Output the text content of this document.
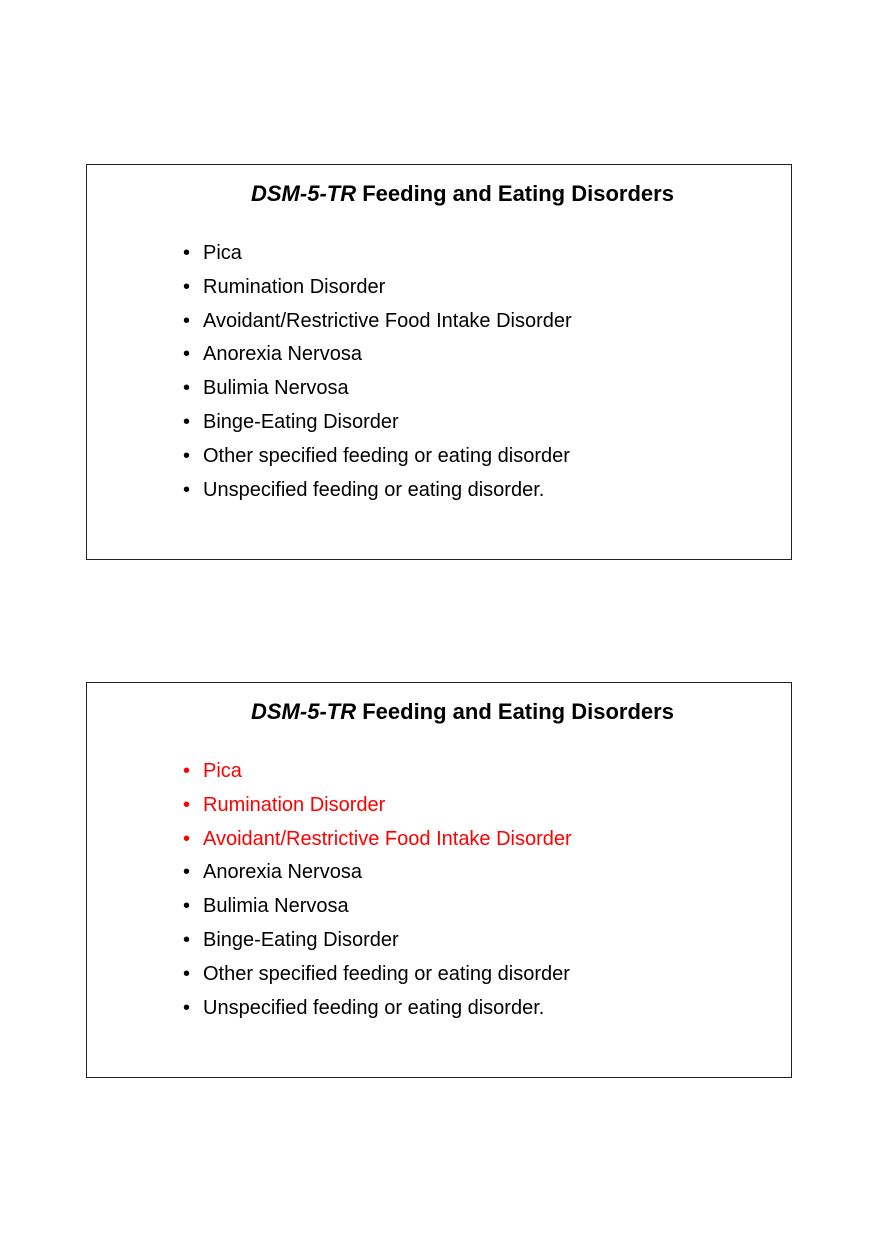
DSM-5-TR Feeding and Eating Disorders
• Pica
• Rumination Disorder
• Avoidant/Restrictive Food Intake Disorder
• Anorexia Nervosa
• Bulimia Nervosa
• Binge-Eating Disorder
• Other specified feeding or eating disorder
• Unspecified feeding or eating disorder.
DSM-5-TR Feeding and Eating Disorders
• Pica
• Rumination Disorder
• Avoidant/Restrictive Food Intake Disorder
• Anorexia Nervosa
• Bulimia Nervosa
• Binge-Eating Disorder
• Other specified feeding or eating disorder
• Unspecified feeding or eating disorder.
